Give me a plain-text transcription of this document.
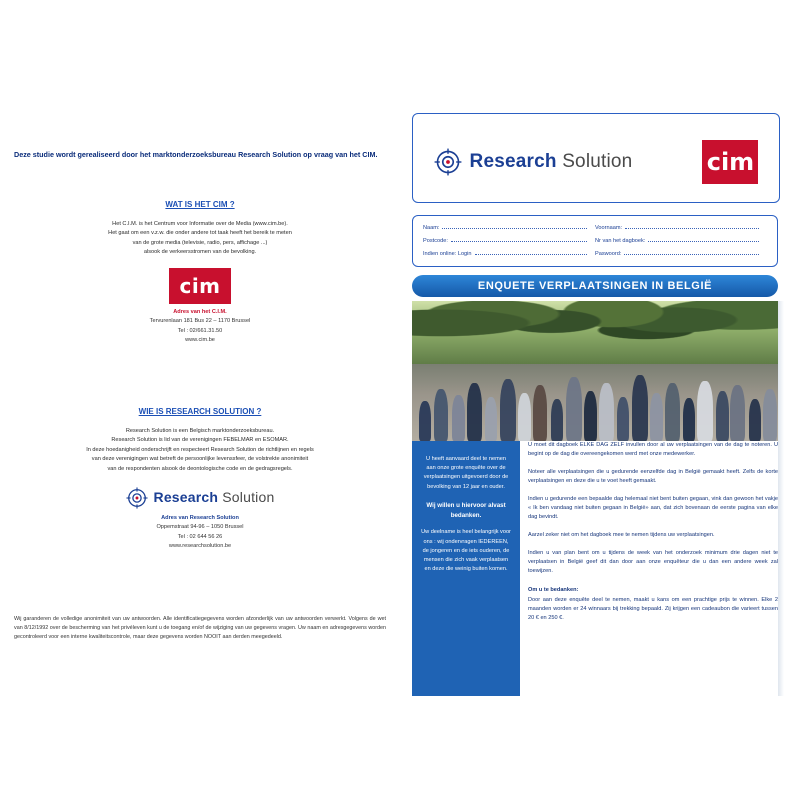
Deze studie wordt gerealiseerd door het marktonderzoeksbureau Research Solution op vraag van het CIM.
WAT IS HET CIM ?
Het C.I.M. is het Centrum voor Informatie over de Media (www.cim.be).
Het gaat om een v.z.w. die onder andere tot taak heeft het bereik te meten
van de grote media (televisie, radio, pers, affichage ...)
alsook de verkeersstromen van de bevolking.
cim
Adres van het C.I.M.
Tervurenlaan 181 Bus 22 – 1170 Brussel
Tel : 02/661.31.50
www.cim.be
WIE IS RESEARCH SOLUTION ?
Research Solution is een Belgisch marktonderzoeksbureau.
Research Solution is lid van de verenigingen FEBELMAR en ESOMAR.
In deze hoedanigheid onderschrijft en respecteert Research Solution de richtlijnen en regels
van deze verenigingen wat betreft de persoonlijke levenssfeer, de volstrekte anonimiteit
van de respondenten alsook de deontologische code en de gedragsregels.
Research Solution
Adres van Research Solution
Oppemstraat 94-96 – 1050 Brussel
Tel : 02 644 56 26
www.researchsolution.be
Wij garanderen de volledige anonimiteit van uw antwoorden. Alle identificatiegegevens worden afzonderlijk van uw antwoorden verwerkt. Volgens de wet van 8/12/1992 over de bescherming van het privéleven kunt u de toegang en/of de wijziging van uw gegevens vragen. Uw naam en adresgegevens worden gecontroleerd voor een interne kwaliteitscontrole, maar deze gegevens worden NOOIT aan derden meegedeeld.
Research Solution	cim
Naam:	Voornaam:
Postcode:	Nr van het dagboek:
Indien online: Login	Paswoord:
ENQUETE VERPLAATSINGEN IN BELGIË

U heeft aanvaard deel te nemen aan onze grote enquête over de verplaatsingen uitgevoerd door de bevolking van 12 jaar en ouder.

Wij willen u hiervoor alvast bedanken.

Uw deelname is heel belangrijk voor ons : wij ondervragen IEDEREEN, de jongeren en de iets ouderen, de mensen die zich vaak verplaatsen en deze die weinig buiten komen.

U moet dit dagboek ELKE DAG ZELF invullen door al uw verplaatsingen van de dag te noteren. U begint op de dag die overeengekomen werd met onze medewerker.

Noteer alle verplaatsingen die u gedurende eenzelfde dag in België gemaakt heeft. Zelfs de korte verplaatsingen en deze die u te voet heeft gemaakt.

Indien u gedurende een bepaalde dag helemaal niet bent buiten gegaan, vink dan gewoon het vakje « Ik ben vandaag niet buiten gegaan in België» aan, dat zich bovenaan de eerste pagina van elke dag bevindt.

Aarzel zeker niet om het dagboek mee te nemen tijdens uw verplaatsingen.

Indien u van plan bent om u tijdens de week van het onderzoek minimum drie dagen niet te verplaatsen in België geef dit dan door aan onze enquêteur die u dan een andere week zal toewijzen.

Om u te bedanken:

Door aan deze enquête deel te nemen, maakt u kans om een prachtige prijs te winnen. Elke 2 maanden worden er 24 winnaars bij trekking bepaald. Zij krijgen een cadeaubon die varieert tussen 20 € en 250 €.
